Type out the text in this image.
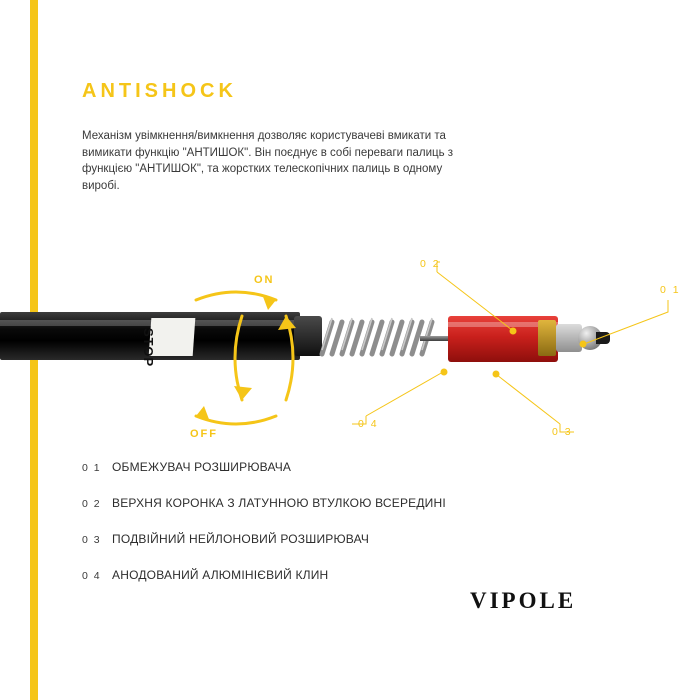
ANTISHOCK
Механізм увімкнення/вимкнення дозволяє користувачеві вмикати та вимикати функцію "АНТИШОК". Він поєднує в собі переваги палиць з функцією "АНТИШОК", та жорстких телескопічних палиць в одному виробі.
STOP
ON
OFF
0 1
0 2
0 3
0 4
0 1 ОБМЕЖУВАЧ РОЗШИРЮВАЧА
0 2 ВЕРХНЯ КОРОНКА З ЛАТУННОЮ ВТУЛКОЮ ВСЕРЕДИНІ
0 3 ПОДВІЙНИЙ НЕЙЛОНОВИЙ РОЗШИРЮВАЧ
0 4 АНОДОВАНИЙ АЛЮМІНІЄВИЙ КЛИН
VIPOLE
